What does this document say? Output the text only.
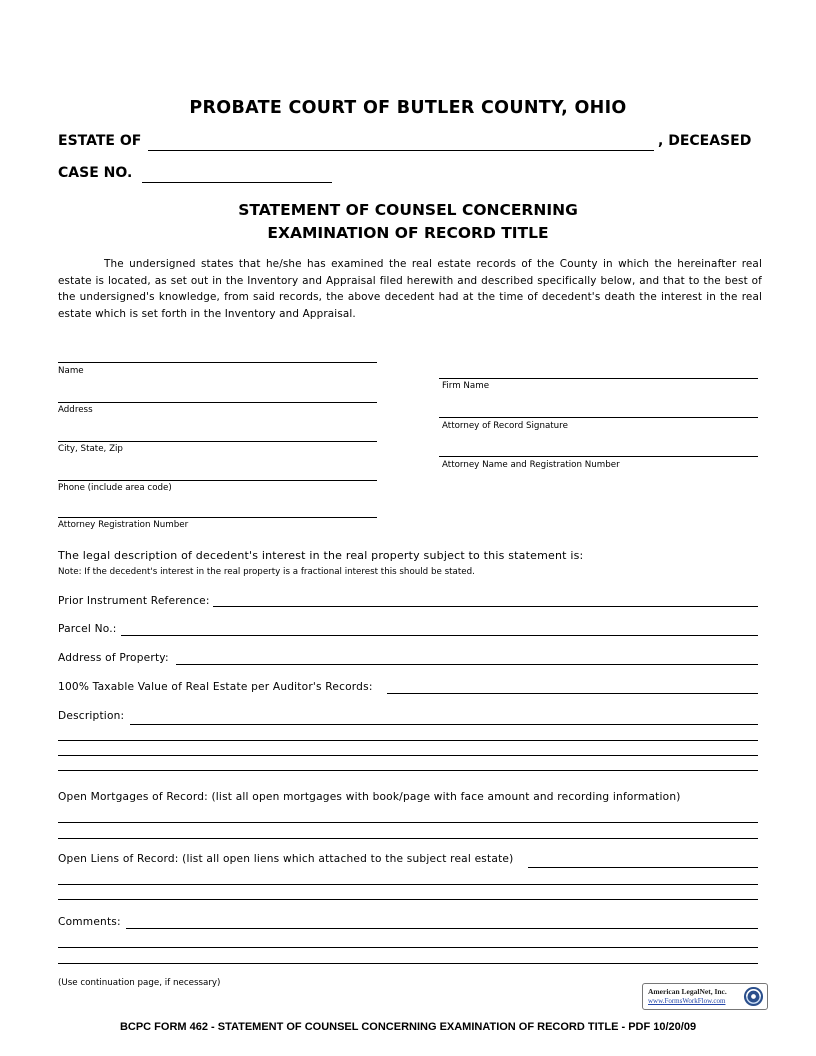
PROBATE COURT OF BUTLER COUNTY, OHIO
ESTATE OF	, DECEASED
CASE NO.
STATEMENT OF COUNSEL CONCERNING
EXAMINATION OF RECORD TITLE
The undersigned states that he/she has examined the real estate records of the County in which the hereinafter real estate is located, as set out in the Inventory and Appraisal filed herewith and described specifically below, and that to the best of the undersigned's knowledge, from said records, the above decedent had at the time of decedent's death the interest in the real estate which is set forth in the Inventory and Appraisal.
Name
Address
City, State, Zip
Phone (include area code)
Attorney Registration Number
Firm Name
Attorney of Record Signature
Attorney Name and Registration Number
The legal description of decedent's interest in the real property subject to this statement is:
Note: If the decedent's interest in the real property is a fractional interest this should be stated.
Prior Instrument Reference:
Parcel No.:
Address of Property:
100% Taxable Value of Real Estate per Auditor's Records:
Description:
Open Mortgages of Record: (list all open mortgages with book/page with face amount and recording information)
Open Liens of Record: (list all open liens which attached to the subject real estate)
Comments:
(Use continuation page, if necessary)
American LegalNet, Inc.
www.FormsWorkFlow.com
BCPC FORM 462 - STATEMENT OF COUNSEL CONCERNING EXAMINATION OF RECORD TITLE - PDF 10/20/09
